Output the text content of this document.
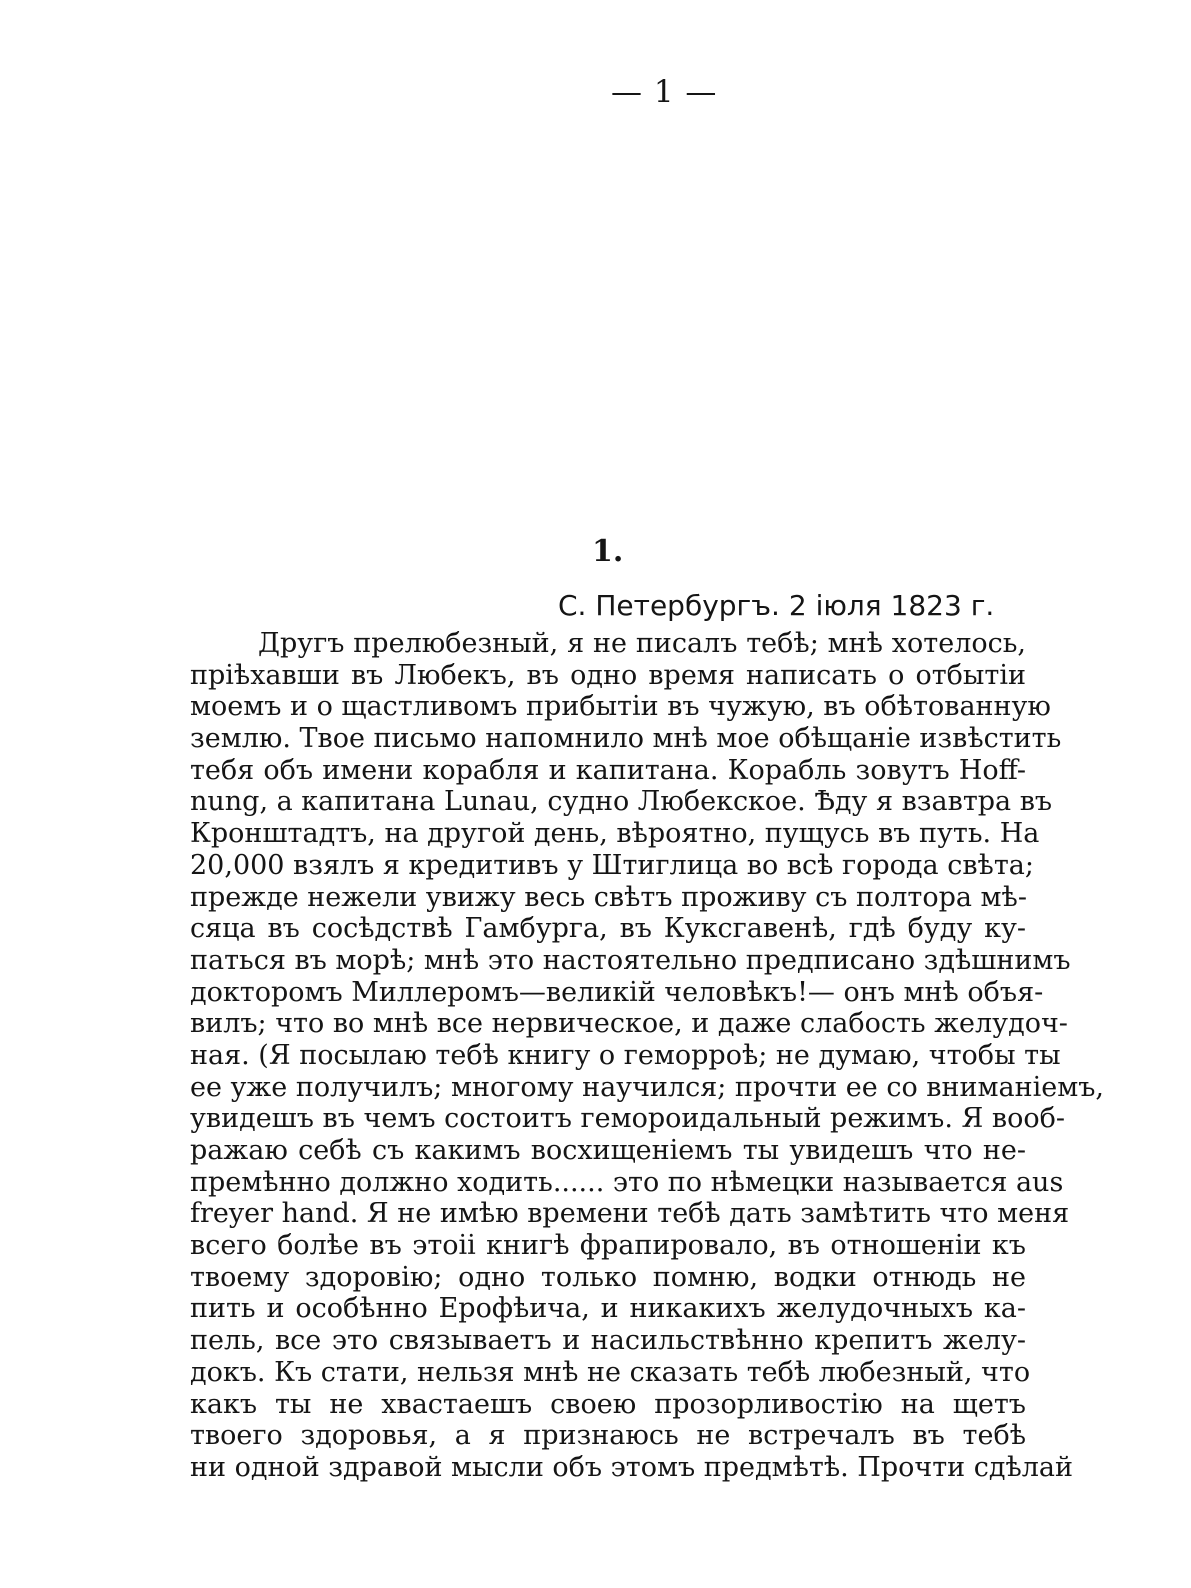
— 1 —
1.
С. Петербургъ. 2 іюля 1823 г.
Другъ прелюбезный, я не писалъ тебѣ; мнѣ хотелось,
пріѣхавши въ Любекъ, въ одно время написать о отбытіи
моемъ и о щастливомъ прибытіи въ чужую, въ обѣтованную
землю. Твое письмо напомнило мнѣ мое обѣщаніе извѣстить
тебя объ имени корабля и капитана. Корабль зовутъ Hoff-
nung, а капитана Lunau, судно Любекское. Ѣду я взавтра въ
Кронштадтъ, на другой день, вѣроятно, пущусь въ путь. На
20,000 взялъ я кредитивъ у Штиглица во всѣ города свѣта;
прежде нежели увижу весь свѣтъ проживу съ полтора мѣ-
сяца въ сосѣдствѣ Гамбурга, въ Куксгавенѣ, гдѣ буду ку-
паться въ морѣ; мнѣ это настоятельно предписано здѣшнимъ
докторомъ Миллеромъ—великій человѣкъ!— онъ мнѣ объя-
вилъ; что во мнѣ все нервическое, и даже слабость желудоч-
ная. (Я посылаю тебѣ книгу о геморроѣ; не думаю, чтобы ты
ее уже получилъ; многому научился; прочти ее со вниманіемъ,
увидешъ въ чемъ состоитъ гемороидальный режимъ. Я вооб-
ражаю себѣ съ какимъ восхищеніемъ ты увидешъ что не-
премѣнно должно ходить...... это по нѣмецки называется aus
freyer hand. Я не имѣю времени тебѣ дать замѣтить что меня
всего болѣе въ этоіі книгѣ фрапировало, въ отношеніи къ
твоему здоровію; одно только помню, водки отнюдь не
пить и особѣнно Ерофѣича, и никакихъ желудочныхъ ка-
пель, все это связываетъ и насильствѣнно крепитъ желу-
докъ. Къ стати, нельзя мнѣ не сказать тебѣ любезный, что
какъ ты не хвастаешъ своею прозорливостію на щетъ
твоего здоровья, а я признаюсь не встречалъ въ тебѣ
ни одной здравой мысли объ этомъ предмѣтѣ. Прочти сдѣлай
